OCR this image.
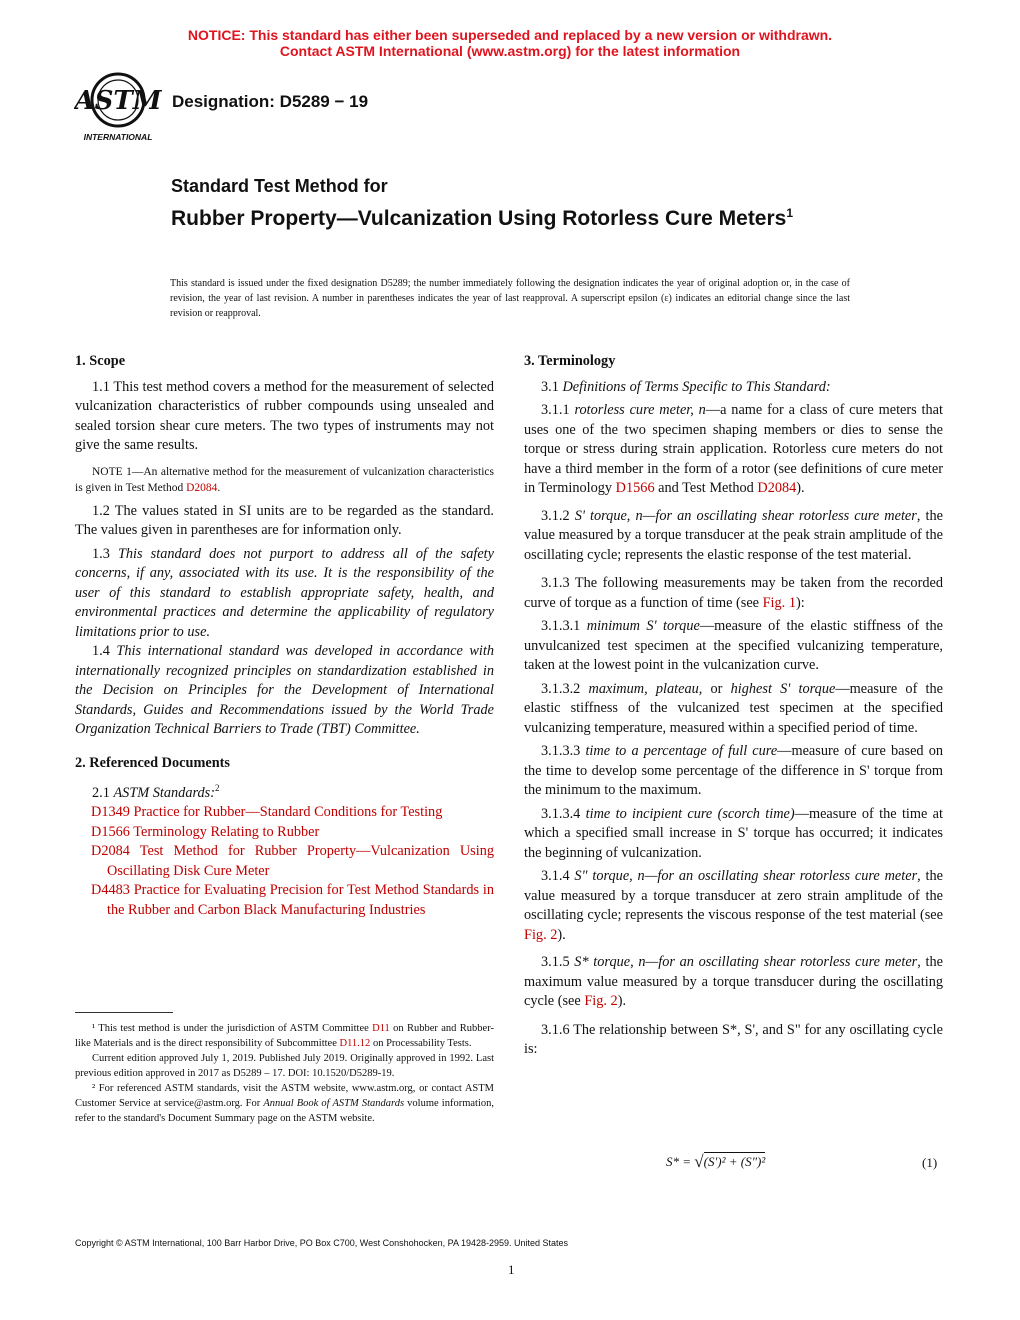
NOTICE: This standard has either been superseded and replaced by a new version or withdrawn.
Contact ASTM International (www.astm.org) for the latest information
ASTM
INTERNATIONAL
Designation: D5289 − 19
Standard Test Method for
Rubber Property—Vulcanization Using Rotorless Cure Meters$^1$
This standard is issued under the fixed designation D5289; the number immediately following the designation indicates the year of original adoption or, in the case of revision, the year of last revision. A number in parentheses indicates the year of last reapproval. A superscript epsilon (ε) indicates an editorial change since the last revision or reapproval.
1. Scope

1.1 This test method covers a method for the measurement of selected vulcanization characteristics of rubber compounds using unsealed and sealed torsion shear cure meters. The two types of instruments may not give the same results.

NOTE 1—An alternative method for the measurement of vulcanization characteristics is given in Test Method D2084.

1.2 The values stated in SI units are to be regarded as the standard. The values given in parentheses are for information only.

1.3 This standard does not purport to address all of the safety concerns, if any, associated with its use. It is the responsibility of the user of this standard to establish appropriate safety, health, and environmental practices and determine the applicability of regulatory limitations prior to use.

1.4 This international standard was developed in accordance with internationally recognized principles on standardization established in the Decision on Principles for the Development of International Standards, Guides and Recommendations issued by the World Trade Organization Technical Barriers to Trade (TBT) Committee.

2. Referenced Documents

2.1 ASTM Standards:$^2$

D1349 Practice for Rubber—Standard Conditions for Testing
D1566 Terminology Relating to Rubber
D2084 Test Method for Rubber Property—Vulcanization Using Oscillating Disk Cure Meter
D4483 Practice for Evaluating Precision for Test Method Standards in the Rubber and Carbon Black Manufacturing Industries
¹ This test method is under the jurisdiction of ASTM Committee D11 on Rubber and Rubber-like Materials and is the direct responsibility of Subcommittee D11.12 on Processability Tests.
Current edition approved July 1, 2019. Published July 2019. Originally approved in 1992. Last previous edition approved in 2017 as D5289 – 17. DOI: 10.1520/D5289-19.
² For referenced ASTM standards, visit the ASTM website, www.astm.org, or contact ASTM Customer Service at service@astm.org. For Annual Book of ASTM Standards volume information, refer to the standard's Document Summary page on the ASTM website.
3. Terminology

3.1 Definitions of Terms Specific to This Standard:

3.1.1 rotorless cure meter, n—a name for a class of cure meters that uses one of the two specimen shaping members or dies to sense the torque or stress during strain application. Rotorless cure meters do not have a third member in the form of a rotor (see definitions of cure meter in Terminology D1566 and Test Method D2084).

3.1.2 S' torque, n—for an oscillating shear rotorless cure meter, the value measured by a torque transducer at the peak strain amplitude of the oscillating cycle; represents the elastic response of the test material.

3.1.3 The following measurements may be taken from the recorded curve of torque as a function of time (see Fig. 1):

3.1.3.1 minimum S' torque—measure of the elastic stiffness of the unvulcanized test specimen at the specified vulcanizing temperature, taken at the lowest point in the vulcanization curve.

3.1.3.2 maximum, plateau, or highest S' torque—measure of the elastic stiffness of the vulcanized test specimen at the specified vulcanizing temperature, measured within a specified period of time.

3.1.3.3 time to a percentage of full cure—measure of cure based on the time to develop some percentage of the difference in S' torque from the minimum to the maximum.

3.1.3.4 time to incipient cure (scorch time)—measure of the time at which a specified small increase in S' torque has occurred; it indicates the beginning of vulcanization.

3.1.4 S" torque, n—for an oscillating shear rotorless cure meter, the value measured by a torque transducer at zero strain amplitude of the oscillating cycle; represents the viscous response of the test material (see Fig. 2).

3.1.5 S* torque, n—for an oscillating shear rotorless cure meter, the maximum value measured by a torque transducer during the oscillating cycle (see Fig. 2).

3.1.6 The relationship between S*, S', and S" for any oscillating cycle is:

S* = √(S')² + (S")²	(1)
Copyright © ASTM International, 100 Barr Harbor Drive, PO Box C700, West Conshohocken, PA 19428-2959. United States
1
